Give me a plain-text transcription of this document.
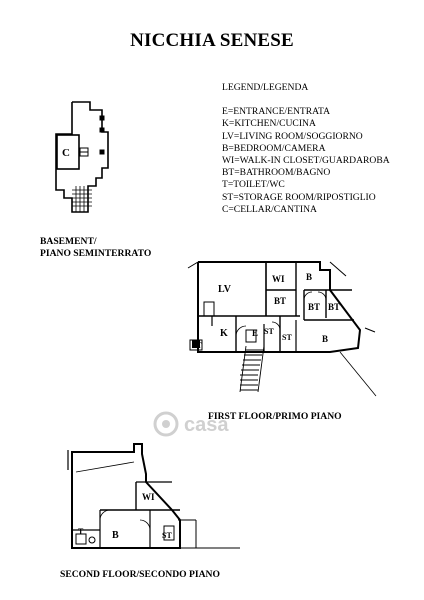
NICCHIA SENESE
LEGEND/LEGENDA
E=ENTRANCE/ENTRATA
K=KITCHEN/CUCINA
LV=LIVING ROOM/SOGGIORNO
B=BEDROOM/CAMERA
WI=WALK-IN CLOSET/GUARDAROBA
BT=BATHROOM/BAGNO
T=TOILET/WC
ST=STORAGE ROOM/RIPOSTIGLIO
C=CELLAR/CANTINA
BASEMENT/
PIANO SEMINTERRATO
FIRST FLOOR/PRIMO PIANO
SECOND FLOOR/SECONDO PIANO
casa
C
LV
WI B
BT
BT BT
K	E ST
ST
ST
B
WI
B
T	ST
